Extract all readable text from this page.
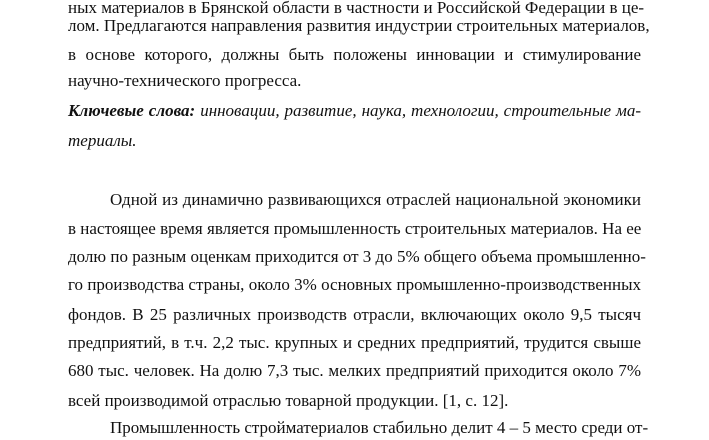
ных материалов в Брянской области в частности и Российской Федерации в це-
лом. Предлагаются направления развития индустрии строительных материалов,
в основе которого, должны быть положены инновации и стимулирование
научно-технического прогресса.
Ключевые слова: инновации, развитие, наука, технологии, строительные ма-
териалы.
Одной из динамично развивающихся отраслей национальной экономики
в настоящее время является промышленность строительных материалов. На ее
долю по разным оценкам приходится от 3 до 5% общего объема промышленно-
го производства страны, около 3% основных промышленно-производственных
фондов. В 25 различных производств отрасли, включающих около 9,5 тысяч
предприятий, в т.ч. 2,2 тыс. крупных и средних предприятий, трудится свыше
680 тыс. человек. На долю 7,3 тыс. мелких предприятий приходится около 7%
всей производимой отраслью товарной продукции. [1, с. 12].
Промышленность стройматериалов стабильно делит 4 – 5 место среди от-
